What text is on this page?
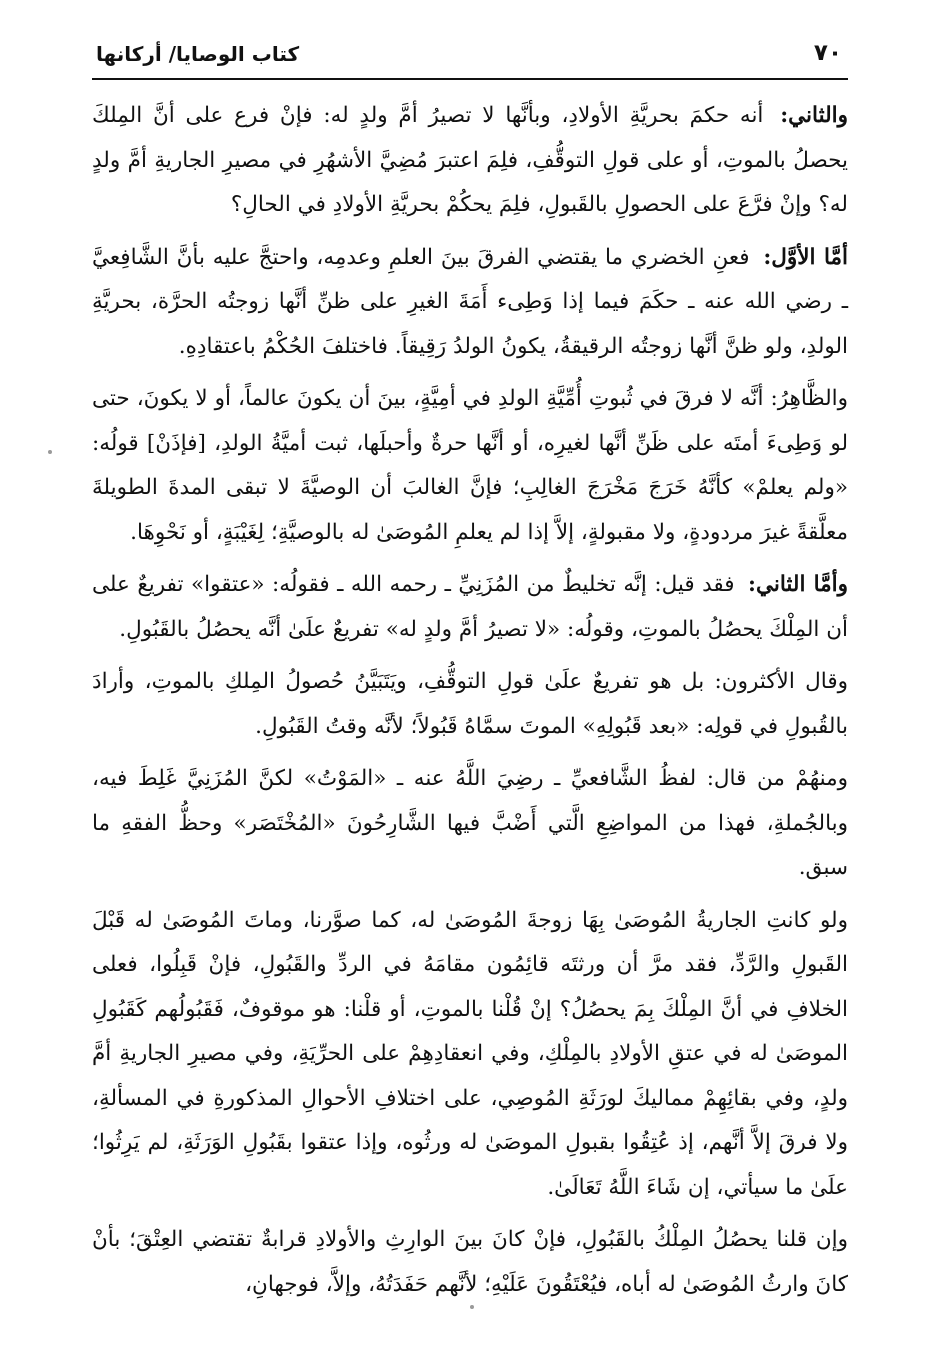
٧٠
كتاب الوصايا/ أركانها

والثاني: أنه حكمَ بحريَّةِ الأولادِ، وبأنَّها لا تصيرُ أمَّ ولدٍ له: فإنْ فرع على أنَّ المِلكَ يحصلُ بالموتِ، أو على قولِ التوقُّفِ، فلِمَ اعتبرَ مُضِيَّ الأشهُرِ في مصيرِ الجاريةِ أمَّ ولدٍ له؟ وإنْ فرَّعَ على الحصولِ بالقَبولِ، فلِمَ يحكُمْ بحريَّةِ الأولادِ في الحالِ؟

أمَّا الأوَّل: فعنِ الخضري ما يقتضي الفرقَ بينَ العلمِ وعدمِه، واحتجَّ عليه بأنَّ الشَّافِعيَّ ـ رضي الله عنه ـ حكَمَ فيما إذا وَطِىء أَمَةَ الغيرِ على ظنِّ أنَّها زوجتُه الحرَّة، بحريَّةِ الولدِ، ولو ظنَّ أنَّها زوجتُه الرقيقةُ، يكونُ الولدُ رَقِيقاً. فاختلفَ الحُكْمُ باعتقادِهِ.

والظَّاهِرُ: أنَّه لا فرقَ في ثُبوتِ أُمِّيَّةِ الولدِ في أمِيَّةٍ، بينَ أن يكونَ عالماً، أو لا يكونَ، حتى لو وَطِىءَ أمتَه على ظَنِّ أنَّها لغيرِه، أو أنَّها حرةٌ وأحبلَها، ثبت أميَّةُ الولدِ، [فإذَنْ] قولُه: «ولم يعلمْ» كأنَّهُ خَرَجَ مَخْرَجَ الغالِبِ؛ فإنَّ الغالبَ أن الوصيَّةَ لا تبقى المدةَ الطويلةَ معلَّقةً غيرَ مردودةٍ، ولا مقبولةٍ، إلاَّ إذا لم يعلمِ المُوصَىٰ له بالوصيَّةِ؛ لِغَيْبَةٍ، أو نَحْوِهَا.

وأمَّا الثاني: فقد قيل: إنَّه تخليطٌ من المُزَنِيِّ ـ رحمه الله ـ فقولُه: «عتقوا» تفريعٌ على أن المِلْكَ يحصُلُ بالموتِ، وقولُه: «لا تصيرُ أمَّ ولدٍ له» تفريعٌ علَىٰ أنَّه يحصُلُ بالقَبُولِ.

وقال الأكثرون: بل هو تفريعٌ علَىٰ قولِ التوقُّفِ، ويَتَبَيَّنُ حُصولُ المِلكِ بالموتِ، وأرادَ بالقُبولِ في قولِه: «بعد قَبُولِهِ» الموتَ سمَّاهُ قَبُولاً؛ لأنَّه وقتُ القَبُولِ.

ومنهُمْ من قال: لفظُ الشَّافعيِّ ـ رضِيَ اللَّهُ عنه ـ «المَوْتُ» لكنَّ المُزَنِيَّ غَلِطَ فيه، وبالجُملةِ، فهذا من المواضِعِ الَّتي أَضْبَّ فيها الشَّارِحُونَ «المُخْتَصَر» وحظُّ الفقهِ ما سبق.

ولو كانتِ الجاريةُ المُوصَىٰ بِهَا زوجةَ المُوصَىٰ له، كما صوَّرنا، وماتَ المُوصَىٰ له قَبْلَ القَبولِ والرَّدِّ، فقد مرَّ أن ورثتَه قائِمُون مقامَهُ في الردِّ والقَبُولِ، فإنْ قَبِلُوا، فعلى الخلافِ في أنَّ المِلْكَ بِمَ يحصُلُ؟ إنْ قُلْنا بالموتِ، أو قلْنا: هو موقوفٌ، فَقَبُولُهم كَقَبُولِ الموصَىٰ له في عتقِ الأولادِ بالمِلْكِ، وفي انعقادِهِمْ على الحرِّيَةِ، وفي مصيرِ الجاريةِ أمَّ ولدٍ، وفي بقائِهِمْ مماليكَ لورَثَةِ المُوصِي، على اختلافِ الأحوالِ المذكورةِ في المسألةِ، ولا فرقَ إلاَّ أنَّهم، إذ عُتِقُوا بقبولِ الموصَىٰ له ورثُوه، وإذا عتقوا بقَبُولِ الوَرَثَةِ، لم يَرِثُوا؛ علَىٰ ما سيأتي، إن شَاءَ اللَّهُ تَعَالَىٰ.

وإن قلنا يحصُلُ المِلْكُ بالقَبُولِ، فإنْ كانَ بينَ الوارِثِ والأولادِ قرابةٌ تقتضي العِتْقَ؛ بأنْ كانَ وارثُ المُوصَىٰ له أباه، فيُعْتَقُونَ عَلَيْهِ؛ لأنَّهم حَفَدَتُهُ، وإلاَّ، فوجهانِ،
